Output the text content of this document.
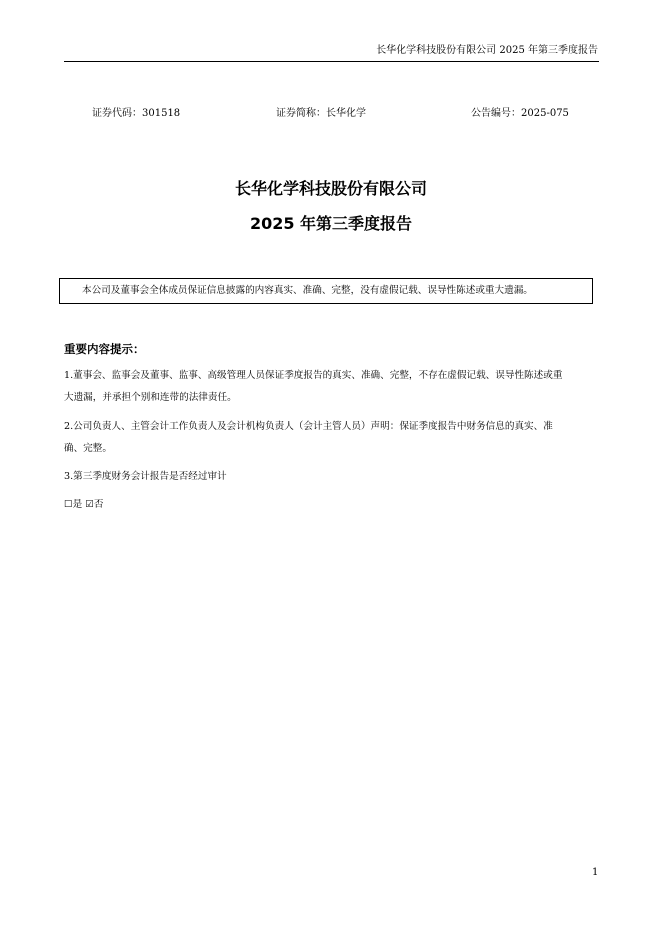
长华化学科技股份有限公司 2025 年第三季度报告
证券代码：301518	证券简称：长华化学	公告编号：2025-075
长华化学科技股份有限公司
2025 年第三季度报告
本公司及董事会全体成员保证信息披露的内容真实、准确、完整，没有虚假记载、误导性陈述或重大遗漏。
重要内容提示：
1.董事会、监事会及董事、监事、高级管理人员保证季度报告的真实、准确、完整，不存在虚假记载、误导性陈述或重
大遗漏，并承担个别和连带的法律责任。
2.公司负责人、主管会计工作负责人及会计机构负责人（会计主管人员）声明：保证季度报告中财务信息的真实、准
确、完整。
3.第三季度财务会计报告是否经过审计
☐是 ☑否
1
